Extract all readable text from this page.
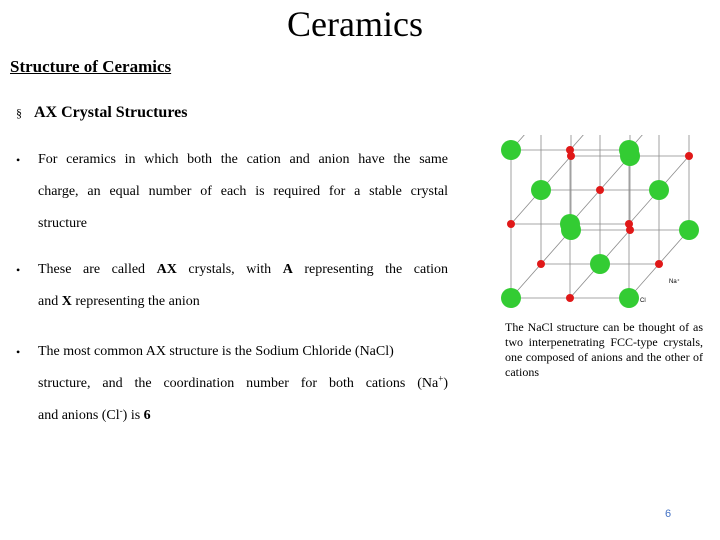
Ceramics
Structure of Ceramics
§ AX Crystal Structures
• For ceramics in which both the cation and anion have the same
charge, an equal number of each is required for a stable crystal
structure
• These are called AX crystals, with A representing the cation
and X representing the anion
• The most common AX structure is the Sodium Chloride (NaCl)
structure, and the coordination number for both cations (Na+)
and anions (Cl-) is 6
Na⁺
Cl
The NaCl structure can be thought of as two interpenetrating FCC-type crystals, one composed of anions and the other of cations
6
